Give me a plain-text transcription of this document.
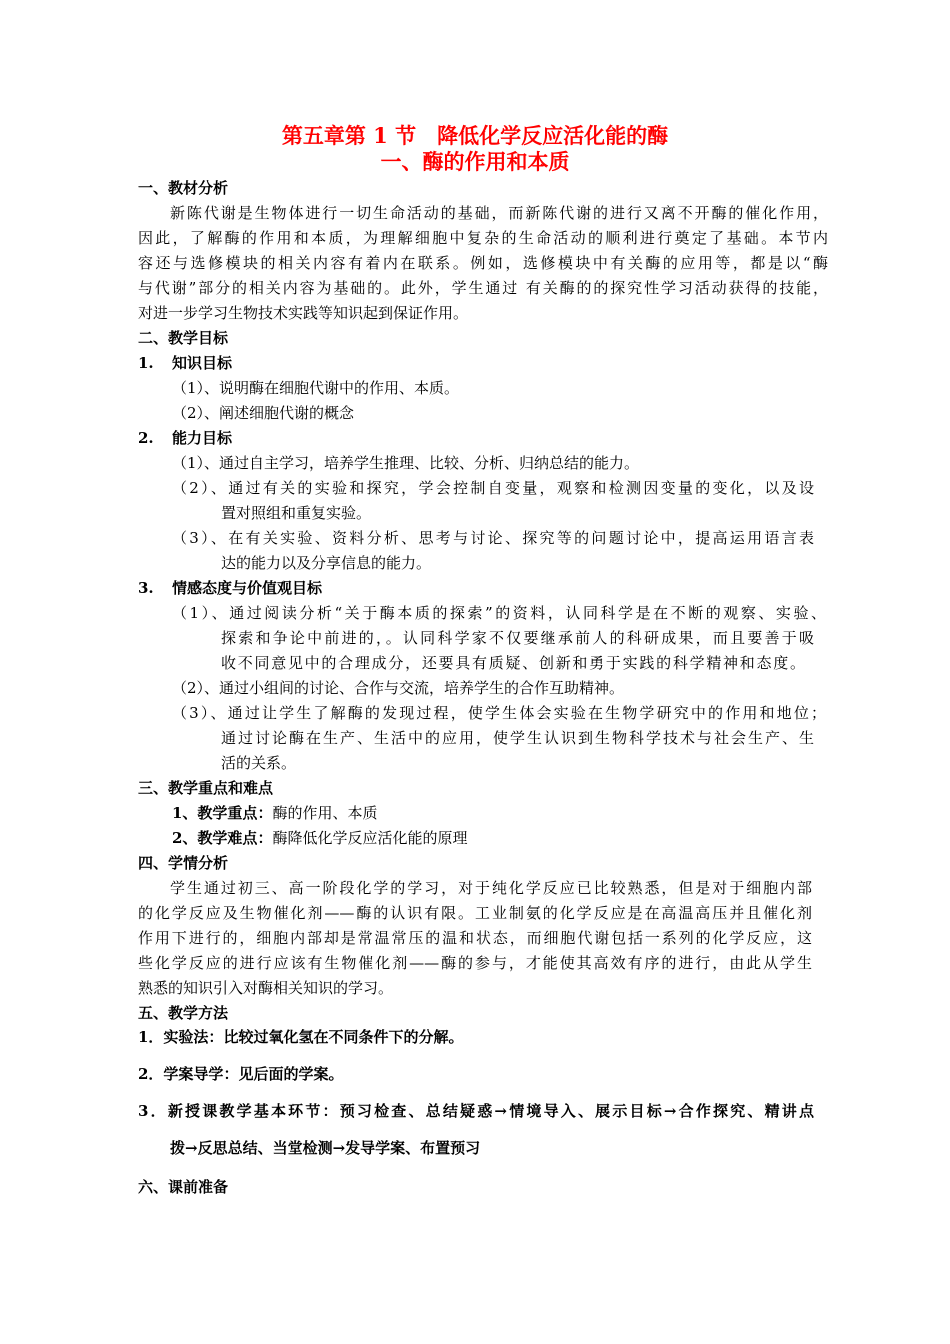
第五章第 1 节　降低化学反应活化能的酶
一、酶的作用和本质
一、教材分析
新陈代谢是生物体进行一切生命活动的基础，而新陈代谢的进行又离不开酶的催化作用，
因此，了解酶的作用和本质，为理解细胞中复杂的生命活动的顺利进行奠定了基础。本节内
容还与选修模块的相关内容有着内在联系。例如，选修模块中有关酶的应用等，都是以“酶
与代谢”部分的相关内容为基础的。此外，学生通过 有关酶的的探究性学习活动获得的技能，
对进一步学习生物技术实践等知识起到保证作用。
二、教学目标
1. 知识目标
（1）、说明酶在细胞代谢中的作用、本质。
（2）、阐述细胞代谢的概念
2. 能力目标
（1）、通过自主学习，培养学生推理、比较、分析、归纳总结的能力。
（2）、通过有关的实验和探究，学会控制自变量，观察和检测因变量的变化，以及设
置对照组和重复实验。
（3）、在有关实验、资料分析、思考与讨论、探究等的问题讨论中，提高运用语言表
达的能力以及分享信息的能力。
3. 情感态度与价值观目标
（1）、通过阅读分析“关于酶本质的探索”的资料，认同科学是在不断的观察、实验、
探索和争论中前进的，。认同科学家不仅要继承前人的科研成果，而且要善于吸
收不同意见中的合理成分，还要具有质疑、创新和勇于实践的科学精神和态度。
（2）、通过小组间的讨论、合作与交流，培养学生的合作互助精神。
（3）、通过让学生了解酶的发现过程，使学生体会实验在生物学研究中的作用和地位；
通过讨论酶在生产、生活中的应用，使学生认识到生物科学技术与社会生产、生
活的关系。
三、教学重点和难点
1、教学重点：酶的作用、本质
2、教学难点：酶降低化学反应活化能的原理
四、学情分析
学生通过初三、高一阶段化学的学习，对于纯化学反应已比较熟悉，但是对于细胞内部
的化学反应及生物催化剂——酶的认识有限。工业制氨的化学反应是在高温高压并且催化剂
作用下进行的，细胞内部却是常温常压的温和状态，而细胞代谢包括一系列的化学反应，这
些化学反应的进行应该有生物催化剂——酶的参与，才能使其高效有序的进行，由此从学生
熟悉的知识引入对酶相关知识的学习。
五、教学方法
1．实验法：比较过氧化氢在不同条件下的分解。
2．学案导学：见后面的学案。
3．新授课教学基本环节：预习检查、总结疑惑→情境导入、展示目标→合作探究、精讲点
拨→反思总结、当堂检测→发导学案、布置预习
六、课前准备
